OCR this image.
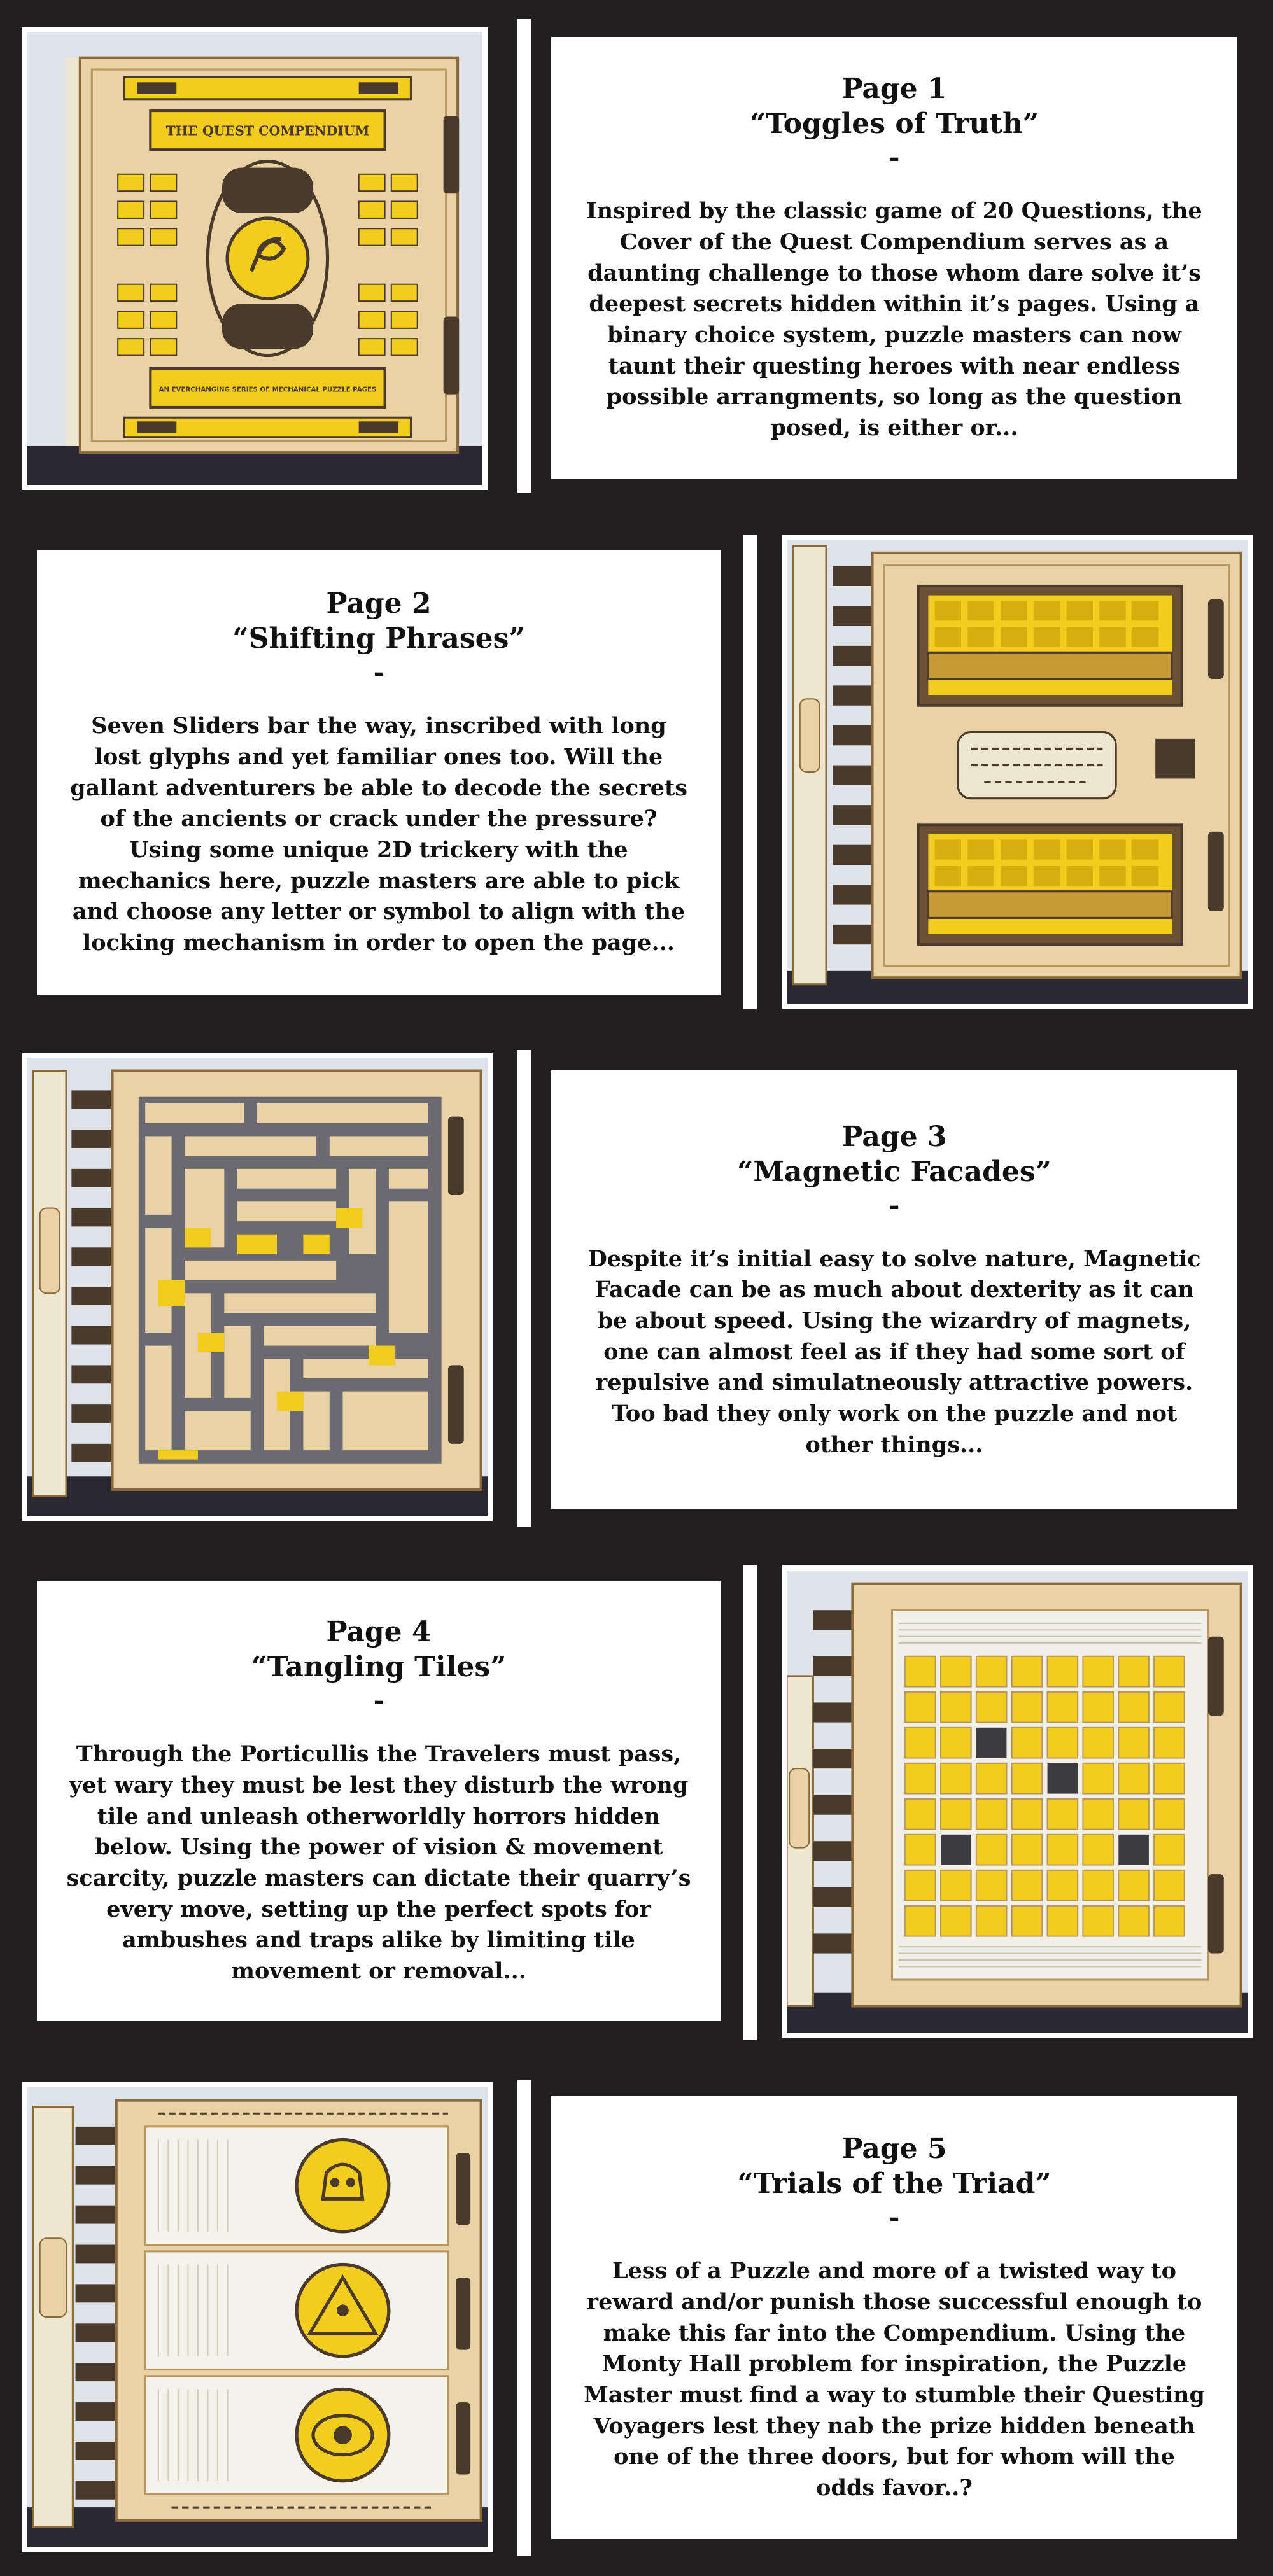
THE QUEST COMPENDIUM
AN EVERCHANGING SERIES OF MECHANICAL PUZZLE PAGES

Page 1

“Toggles of Truth”

-

Inspired by the classic game of 20 Questions, the Cover of the Quest Compendium serves as a daunting challenge to those whom dare solve it’s deepest secrets hidden within it’s pages. Using a binary choice system, puzzle masters can now taunt their questing heroes with near endless possible arrangments, so long as the question posed, is either or...

Page 2

“Shifting Phrases”

-

Seven Sliders bar the way, inscribed with long lost glyphs and yet familiar ones too. Will the gallant adventurers be able to decode the secrets of the ancients or crack under the pressure? Using some unique 2D trickery with the mechanics here, puzzle masters are able to pick and choose any letter or symbol to align with the locking mechanism in order to open the page...

Page 3

“Magnetic Facades”

-

Despite it’s initial easy to solve nature, Magnetic Facade can be as much about dexterity as it can be about speed. Using the wizardry of magnets, one can almost feel as if they had some sort of repulsive and simulatneously attractive powers. Too bad they only work on the puzzle and not other things...

Page 4

“Tangling Tiles”

-

Through the Porticullis the Travelers must pass, yet wary they must be lest they disturb the wrong tile and unleash otherworldly horrors hidden below. Using the power of vision & movement scarcity, puzzle masters can dictate their quarry’s every move, setting up the perfect spots for ambushes and traps alike by limiting tile movement or removal...

Page 5

“Trials of the Triad”

-

Less of a Puzzle and more of a twisted way to reward and/or punish those successful enough to make this far into the Compendium. Using the Monty Hall problem for inspiration, the Puzzle Master must find a way to stumble their Questing Voyagers lest they nab the prize hidden beneath one of the three doors, but for whom will the odds favor..?
